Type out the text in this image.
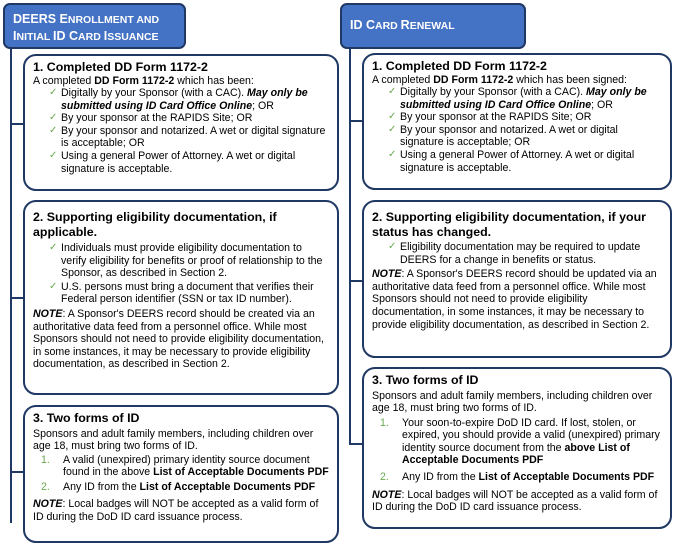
DEERS ENROLLMENT AND
INITIAL ID CARD ISSUANCE
ID CARD RENEWAL
1. Completed DD Form 1172-2

A completed DD Form 1172-2 which has been:

✓ Digitally by your Sponsor (with a CAC). May only be submitted using ID Card Office Online; OR
✓ By your sponsor at the RAPIDS Site; OR
✓ By your sponsor and notarized. A wet or digital signature is acceptable; OR
✓ Using a general Power of Attorney. A wet or digital signature is acceptable.
2. Supporting eligibility documentation, if applicable.
✓ Individuals must provide eligibility documentation to verify eligibility for benefits or proof of relationship to the Sponsor, as described in Section 2.
✓ U.S. persons must bring a document that verifies their Federal person identifier (SSN or tax ID number).

NOTE: A Sponsor's DEERS record should be created via an authoritative data feed from a personnel office. While most Sponsors should not need to provide eligibility documentation, in some instances, it may be necessary to provide eligibility documentation, as described in Section 2.

3. Two forms of ID

Sponsors and adult family members, including children over age 18, must bring two forms of ID.

1. A valid (unexpired) primary identity source document found in the above List of Acceptable Documents PDF
2. Any ID from the List of Acceptable Documents PDF

NOTE: Local badges will NOT be accepted as a valid form of ID during the DoD ID card issuance process.

1. Completed DD Form 1172-2

A completed DD Form 1172-2 which has been signed:

✓ Digitally by your Sponsor (with a CAC). May only be submitted using ID Card Office Online; OR
✓ By your sponsor at the RAPIDS Site; OR
✓ By your sponsor and notarized. A wet or digital signature is acceptable; OR
✓ Using a general Power of Attorney. A wet or digital signature is acceptable.
2. Supporting eligibility documentation, if your status has changed.
✓ Eligibility documentation may be required to update DEERS for a change in benefits or status.

NOTE: A Sponsor's DEERS record should be updated via an authoritative data feed from a personnel office. While most Sponsors should not need to provide eligibility documentation, in some instances, it may be necessary to provide eligibility documentation, as described in Section 2.

3. Two forms of ID

Sponsors and adult family members, including children over age 18, must bring two forms of ID.

1. Your soon-to-expire DoD ID card. If lost, stolen, or expired, you should provide a valid (unexpired) primary identity source document from the above List of Acceptable Documents PDF
2. Any ID from the List of Acceptable Documents PDF

NOTE: Local badges will NOT be accepted as a valid form of ID during the DoD ID card issuance process.
